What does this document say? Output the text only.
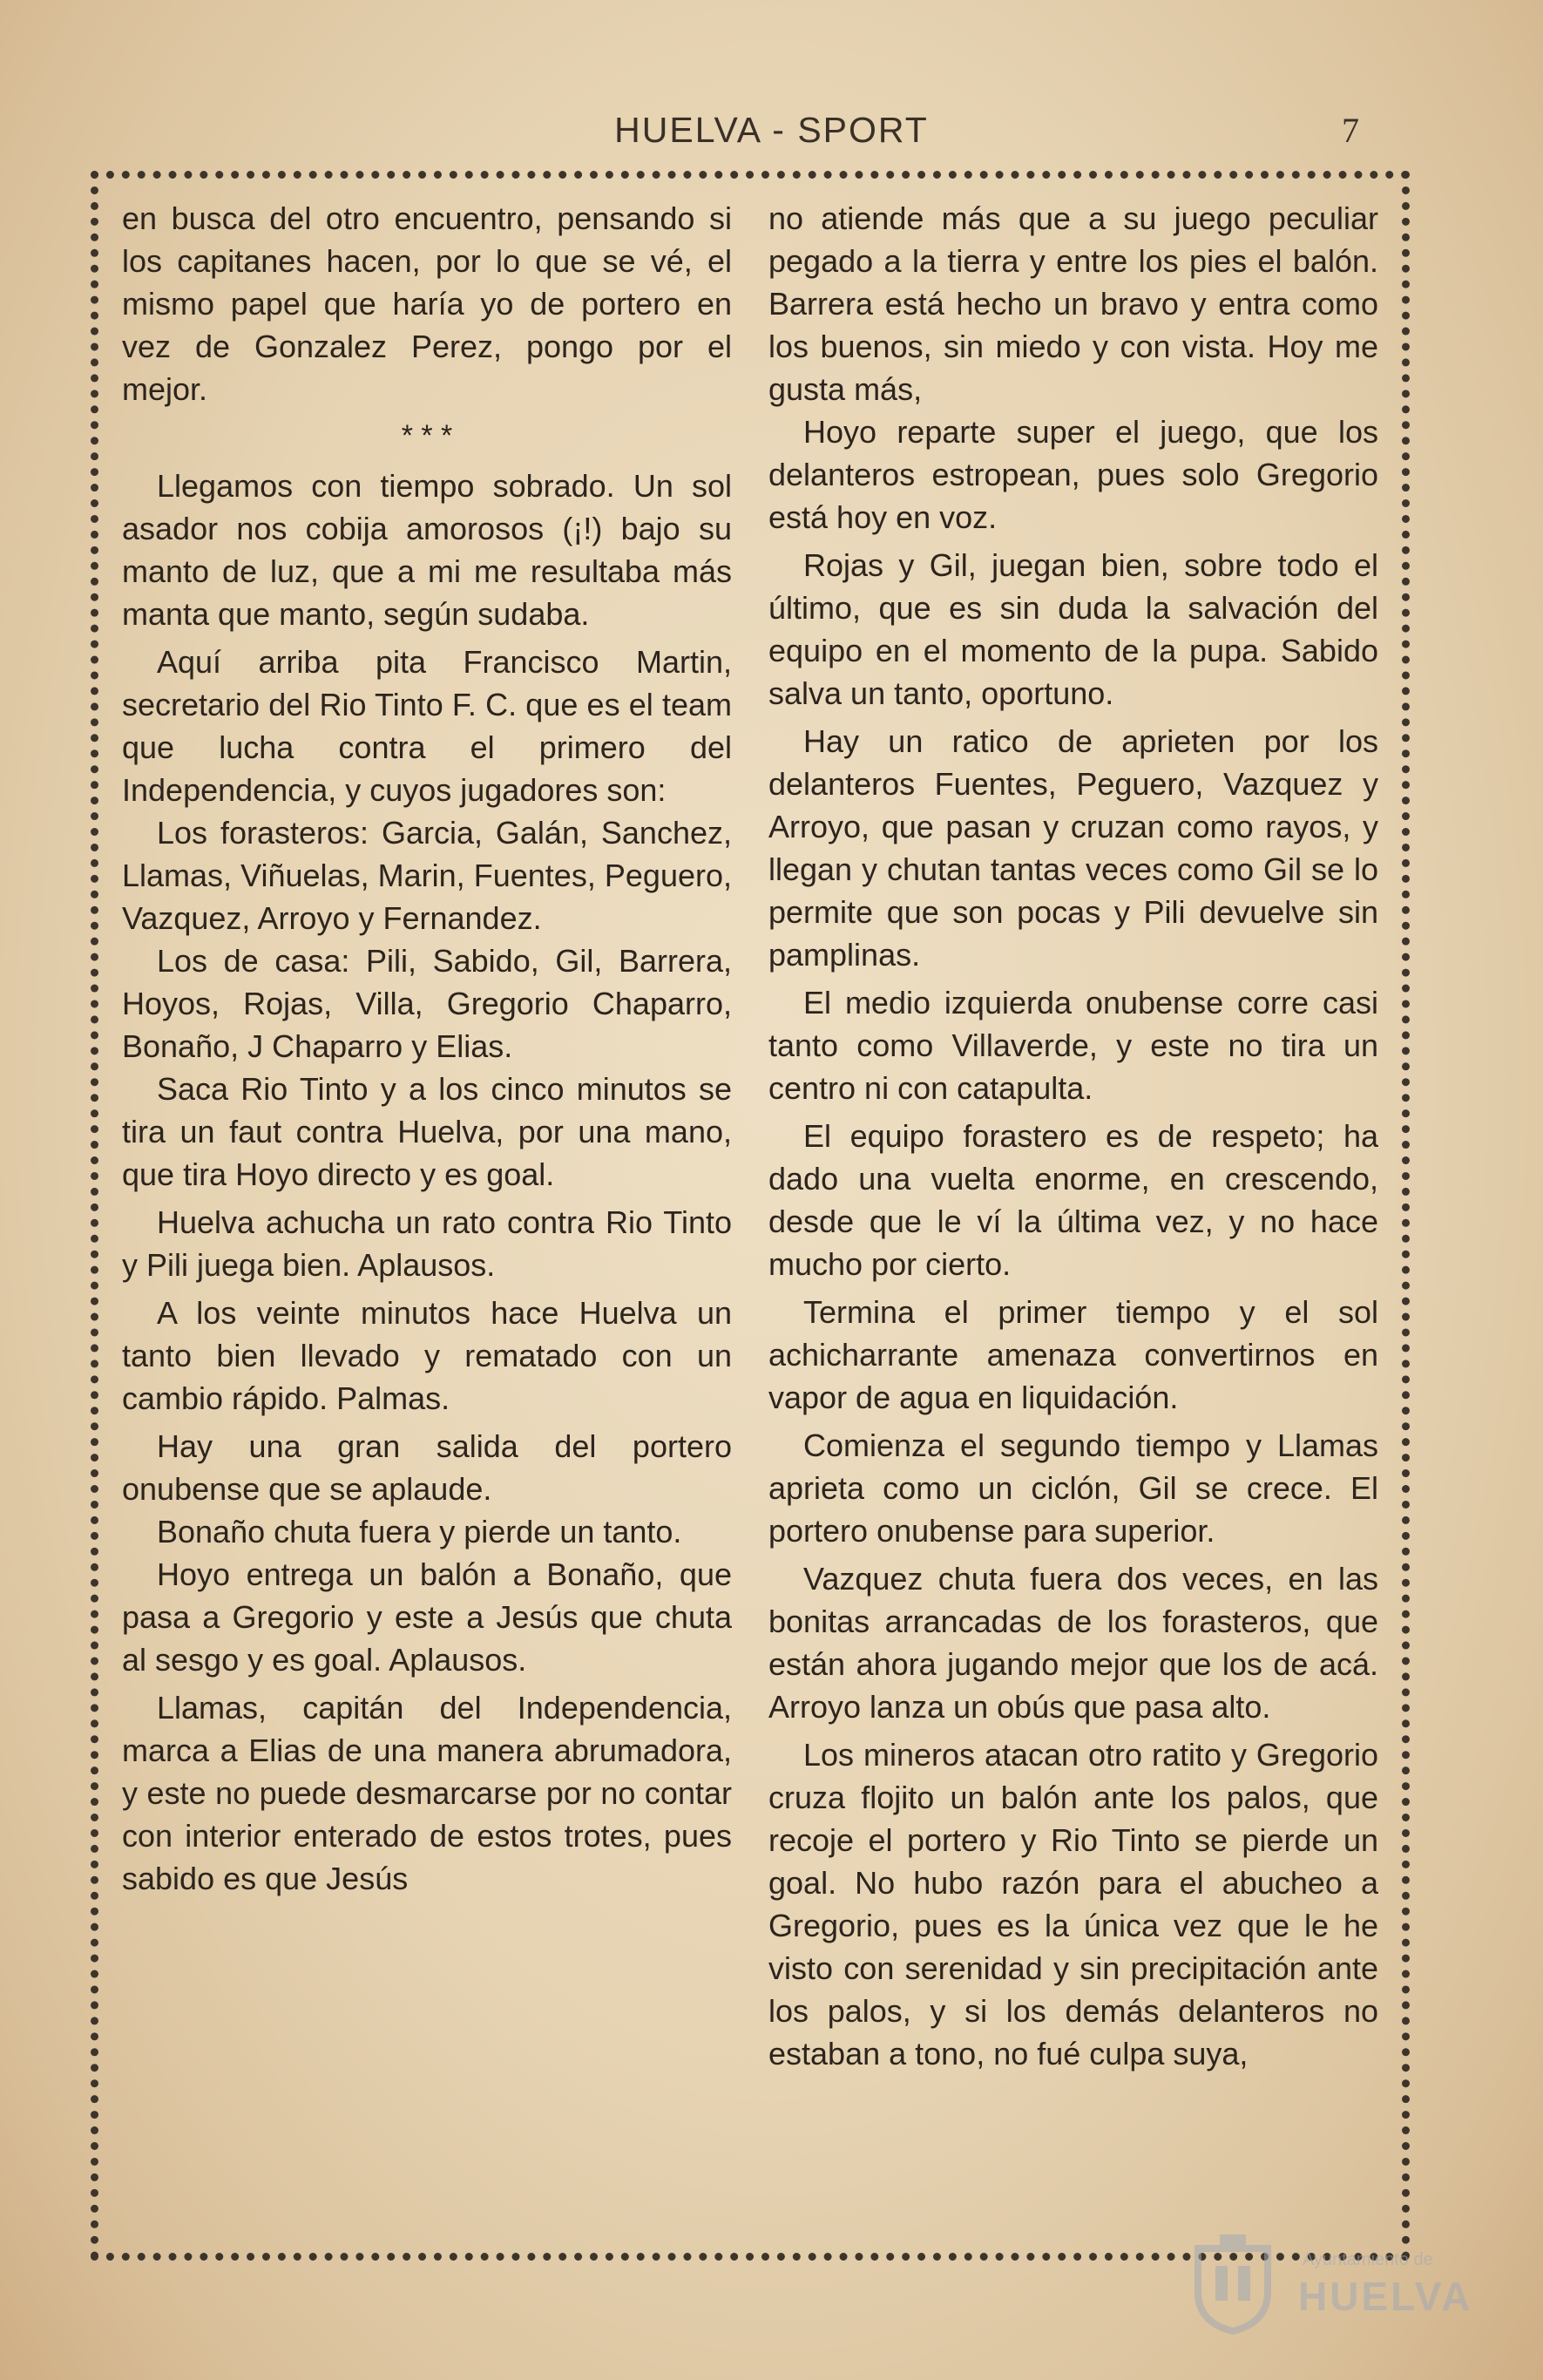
HUELVA - SPORT	7

en busca del otro encuentro, pensando si los capitanes hacen, por lo que se vé, el mismo papel que haría yo de portero en vez de Gonzalez Perez, pongo por el mejor.

* * *

Llegamos con tiempo sobrado. Un sol asador nos cobija amorosos (¡!) bajo su manto de luz, que a mi me resultaba más manta que manto, según sudaba.

Aquí arriba pita Francisco Martin, secretario del Rio Tinto F. C. que es el team que lucha contra el primero del Independencia, y cuyos jugadores son:

Los forasteros: Garcia, Galán, Sanchez, Llamas, Viñuelas, Marin, Fuentes, Peguero, Vazquez, Arroyo y Fernandez.

Los de casa: Pili, Sabido, Gil, Barrera, Hoyos, Rojas, Villa, Gregorio Chaparro, Bonaño, J Chaparro y Elias.

Saca Rio Tinto y a los cinco minutos se tira un faut contra Huelva, por una mano, que tira Hoyo directo y es goal.

Huelva achucha un rato contra Rio Tinto y Pili juega bien. Aplausos.

A los veinte minutos hace Huelva un tanto bien llevado y rematado con un cambio rápido. Palmas.

Hay una gran salida del portero onubense que se aplaude.

Bonaño chuta fuera y pierde un tanto.

Hoyo entrega un balón a Bonaño, que pasa a Gregorio y este a Jesús que chuta al sesgo y es goal. Aplausos.

Llamas, capitán del Independencia, marca a Elias de una manera abrumadora, y este no puede desmarcarse por no contar con interior enterado de estos trotes, pues sabido es que Jesús

no atiende más que a su juego peculiar pegado a la tierra y entre los pies el balón. Barrera está hecho un bravo y entra como los buenos, sin miedo y con vista. Hoy me gusta más,

Hoyo reparte super el juego, que los delanteros estropean, pues solo Gregorio está hoy en voz.

Rojas y Gil, juegan bien, sobre todo el último, que es sin duda la salvación del equipo en el momento de la pupa. Sabido salva un tanto, oportuno.

Hay un ratico de aprieten por los delanteros Fuentes, Peguero, Vazquez y Arroyo, que pasan y cruzan como rayos, y llegan y chutan tantas veces como Gil se lo permite que son pocas y Pili devuelve sin pamplinas.

El medio izquierda onubense corre casi tanto como Villaverde, y este no tira un centro ni con catapulta.

El equipo forastero es de respeto; ha dado una vuelta enorme, en crescendo, desde que le ví la última vez, y no hace mucho por cierto.

Termina el primer tiempo y el sol achicharrante amenaza convertirnos en vapor de agua en liquidación.

Comienza el segundo tiempo y Llamas aprieta como un ciclón, Gil se crece. El portero onubense para superior.

Vazquez chuta fuera dos veces, en las bonitas arrancadas de los forasteros, que están ahora jugando mejor que los de acá. Arroyo lanza un obús que pasa alto.

Los mineros atacan otro ratito y Gregorio cruza flojito un balón ante los palos, que recoje el portero y Rio Tinto se pierde un goal. No hubo razón para el abucheo a Gregorio, pues es la única vez que le he visto con serenidad y sin precipitación ante los palos, y si los demás delanteros no estaban a tono, no fué culpa suya,

Ayuntamiento de
HUELVA
